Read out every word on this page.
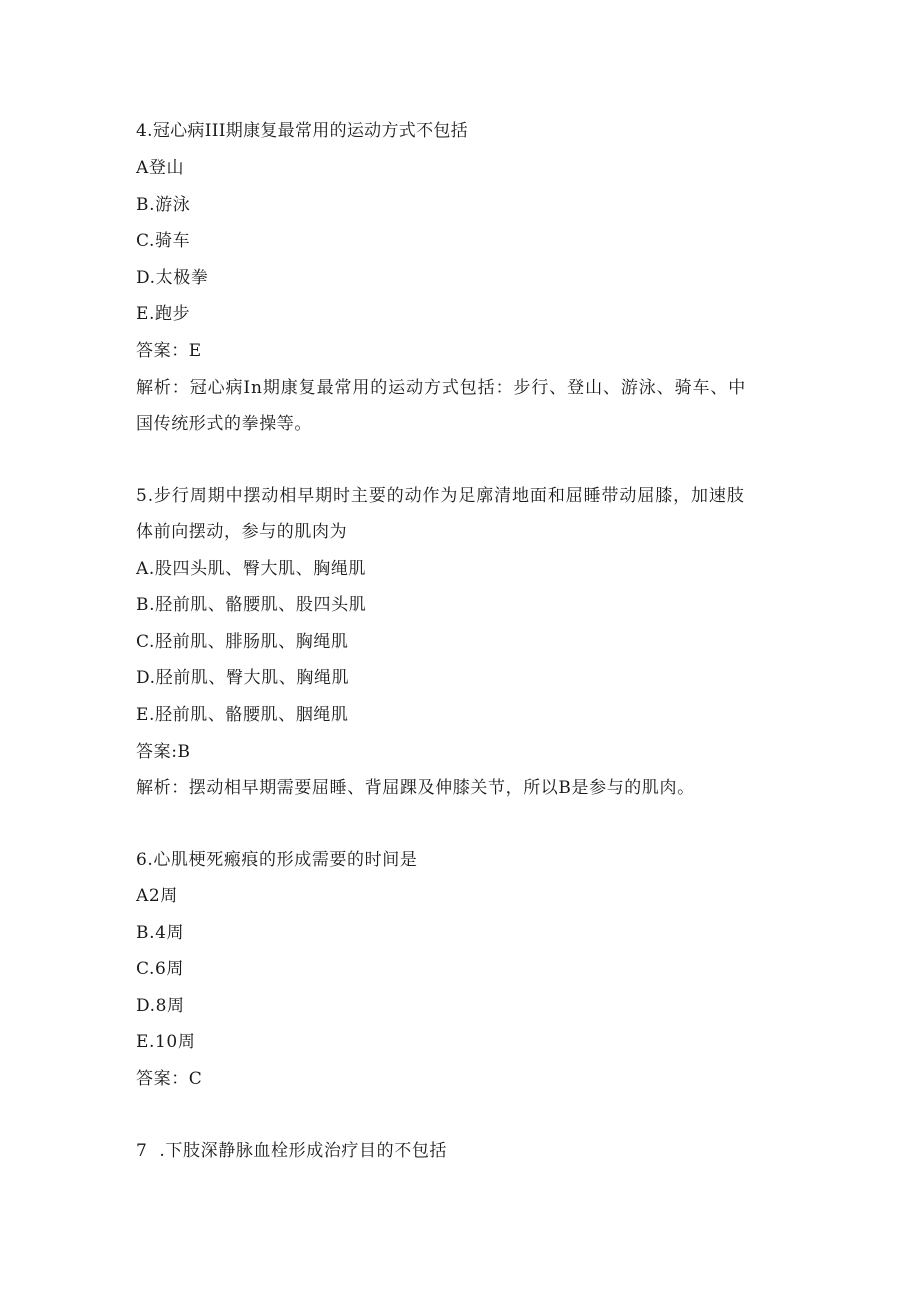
4.冠心病III期康复最常用的运动方式不包括
A登山
B.游泳
C.骑车
D.太极拳
E.跑步
答案：E
解析：冠心病In期康复最常用的运动方式包括：步行、登山、游泳、骑车、中
国传统形式的拳操等。
5.步行周期中摆动相早期时主要的动作为足廓清地面和屈睡带动屈膝，加速肢
体前向摆动，参与的肌肉为
A.股四头肌、臀大肌、胸绳肌
B.胫前肌、骼腰肌、股四头肌
C.胫前肌、腓肠肌、胸绳肌
D.胫前肌、臀大肌、胸绳肌
E.胫前肌、骼腰肌、胭绳肌
答案:B
解析：摆动相早期需要屈睡、背屈踝及伸膝关节，所以B是参与的肌肉。
6.心肌梗死瘢痕的形成需要的时间是
A2周
B.4周
C.6周
D.8周
E.10周
答案：C
7  .下肢深静脉血栓形成治疗目的不包括
